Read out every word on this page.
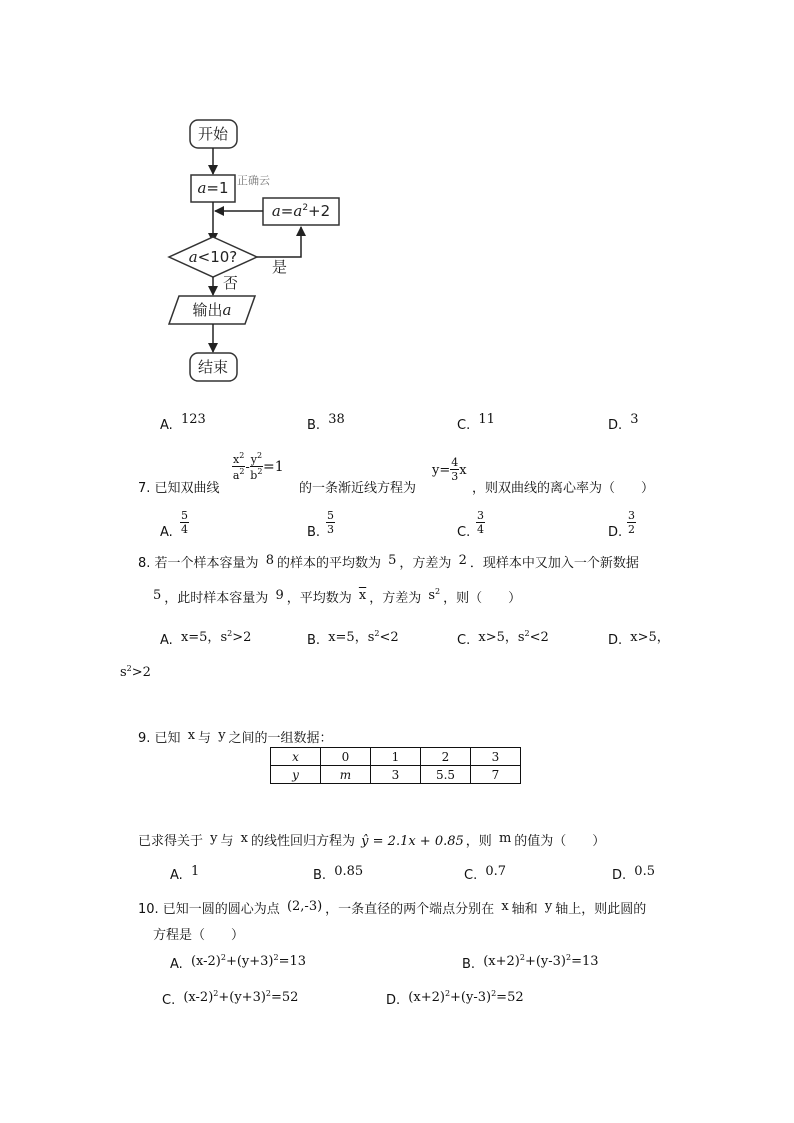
开始
a=1 正确云
$a=a^2+2$
a<10?
是
否
输出a
结束
A. 123	B. 38	C. 11	D. 3
7. 已知双曲线
$\frac{x^2}{a^2} - \frac{y^2}{b^2} =1$
的一条渐近线方程为
$y= \frac{4}{3}$ x
，则双曲线的离心率为（　　）
A. $\frac{5}{4}$	B. $\frac{5}{3}$	C. $\frac{3}{4}$	D. $\frac{3}{2}$
8. 若一个样本容量为 8 的样本的平均数为 5 ，方差为 2 ．现样本中又加入一个新数据
5 ，此时样本容量为 9 ，平均数为 $\overline{x}$ ，方差为 $s^2$ ，则（　　）
A. x=5，$s^2>2$	B. x=5，$s^2<2$	C. x>5，$s^2<2$	D. x>5，
$s^2>2$
9. 已知 x 与 y 之间的一组数据：
x	0	1	2	3
y	m	3	5.5	7
已求得关于 y 与 x 的线性回归方程为 ŷ = 2.1x + 0.85 ，则 m 的值为（　　）
A. 1	B. 0.85	C. 0.7	D. 0.5
10. 已知一圆的圆心为点 (2,-3) ，一条直径的两个端点分别在 x 轴和 y 轴上，则此圆的
方程是（　　）
A. $(x-2)^2+(y+3)^2=13$	B. $(x+2)^2+(y-3)^2=13$
C. $(x-2)^2+(y+3)^2=52$	D. $(x+2)^2+(y-3)^2=52$
